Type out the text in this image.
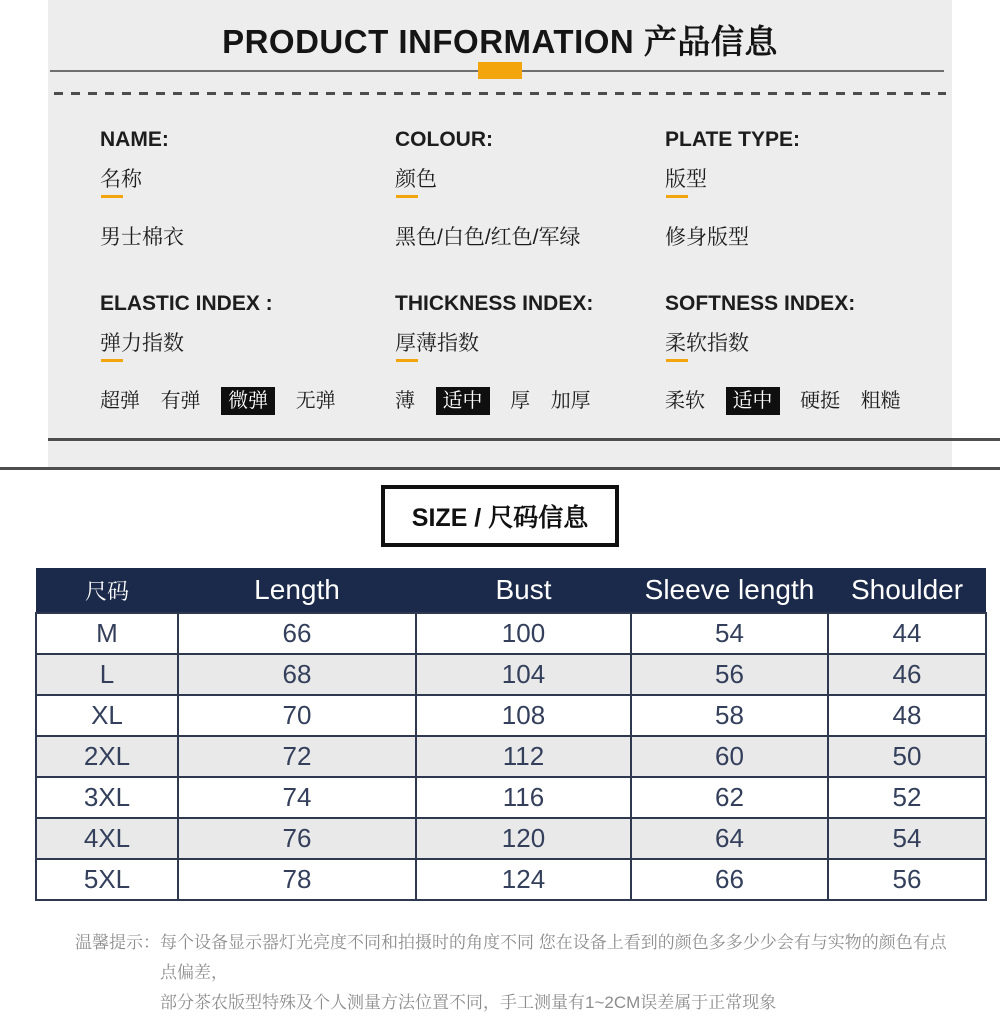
PRODUCT INFORMATION 产品信息
NAME:
名称
男士棉衣
COLOUR:
颜色
黑色/白色/红色/军绿
PLATE TYPE:
版型
修身版型
ELASTIC INDEX :
弹力指数
超弹 有弹 微弹 无弹
THICKNESS INDEX:
厚薄指数
薄 适中 厚 加厚
SOFTNESS INDEX:
柔软指数
柔软 适中 硬挺 粗糙
SIZE / 尺码信息
尺码	Length	Bust	Sleeve length	Shoulder
M	66	100	54	44
L	68	104	56	46
XL	70	108	58	48
2XL	72	112	60	50
3XL	74	116	62	52
4XL	76	120	64	54
5XL	78	124	66	56
温馨提示： 每个设备显示器灯光亮度不同和拍摄时的角度不同 您在设备上看到的颜色多多少少会有与实物的颜色有点点偏差，
部分茶农版型特殊及个人测量方法位置不同，手工测量有1~2CM误差属于正常现象
